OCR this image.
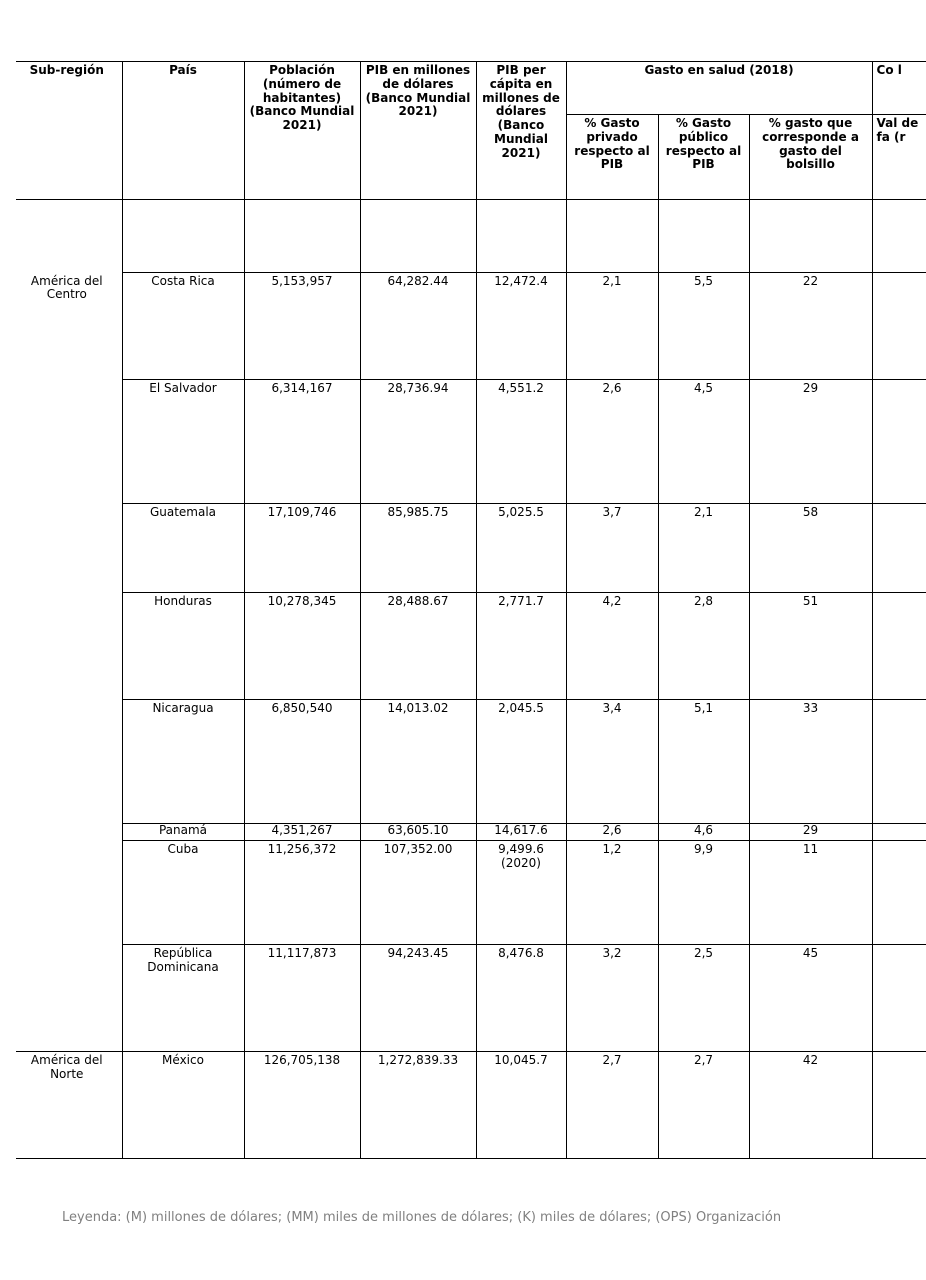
Sub-región	País	Población (número de habitantes) (Banco Mundial 2021)	PIB en millones de dólares (Banco Mundial 2021)	PIB per cápita en millones de dólares (Banco Mundial 2021)	Gasto en salud (2018)			Co l
					% Gasto privado respecto al PIB	% Gasto público respecto al PIB	% gasto que corresponde a gasto del bolsillo	Val de fa (r

América del Centro	Costa Rica	5,153,957	64,282.44	12,472.4	2,1	5,5	22	
	El Salvador	6,314,167	28,736.94	4,551.2	2,6	4,5	29	
	Guatemala	17,109,746	85,985.75	5,025.5	3,7	2,1	58	
	Honduras	10,278,345	28,488.67	2,771.7	4,2	2,8	51	
	Nicaragua	6,850,540	14,013.02	2,045.5	3,4	5,1	33	
	Panamá	4,351,267	63,605.10	14,617.6	2,6	4,6	29	
	Cuba	11,256,372	107,352.00	9,499.6 (2020)	1,2	9,9	11	
	República Dominicana	11,117,873	94,243.45	8,476.8	3,2	2,5	45	
América del Norte	México	126,705,138	1,272,839.33	10,045.7	2,7	2,7	42	
Leyenda: (M) millones de dólares; (MM) miles de millones de dólares; (K) miles de dólares; (OPS) Organización
